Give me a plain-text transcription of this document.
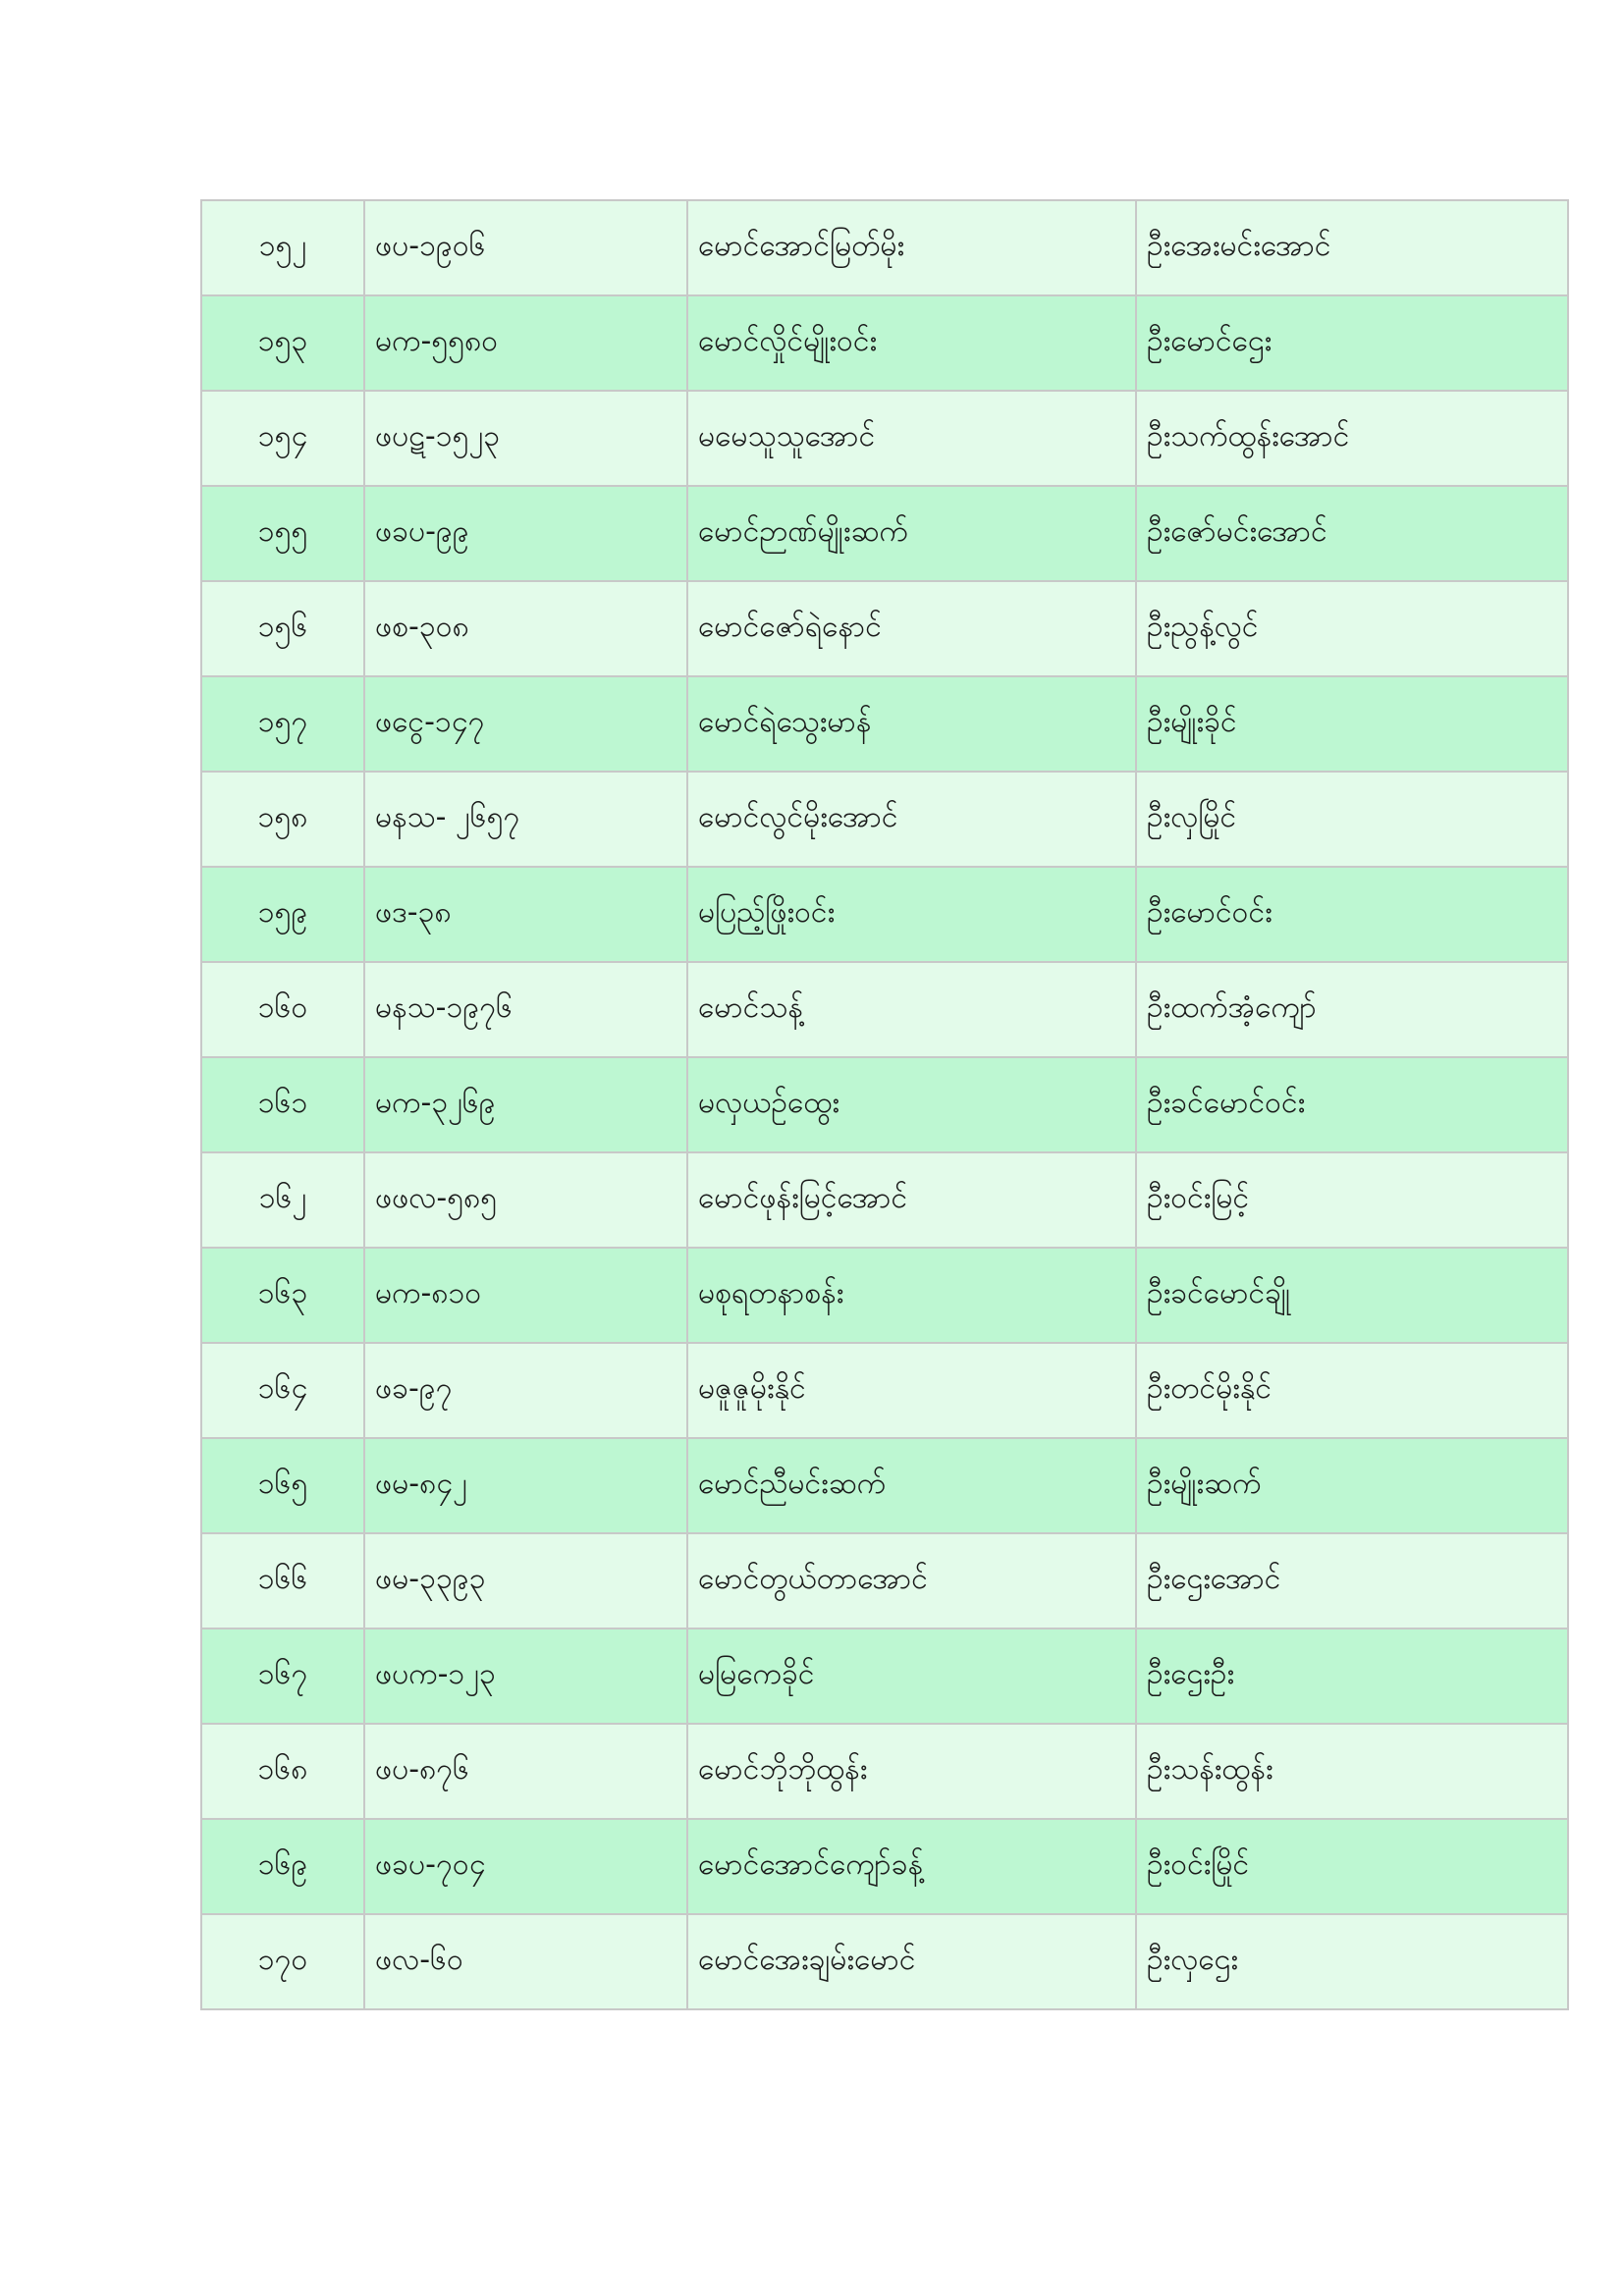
၁၅၂	ဖပ-၁၉၀၆	မောင်အောင်မြတ်မိုး	ဦးအေးမင်းအောင်
၁၅၃	မက-၅၅၈၀	မောင်လှိုင်မျိုးဝင်း	ဦးမောင်ဌေး
၁၅၄	ဖပဋ-၁၅၂၃	မမေသူသူအောင်	ဦးသက်ထွန်းအောင်
၁၅၅	ဖခပ-၉၉	မောင်ဉာဏ်မျိုးဆက်	ဦးဇော်မင်းအောင်
၁၅၆	ဖစ-၃၀၈	မောင်ဇော်ရဲနောင်	ဦးညွန့်လွင်
၁၅၇	ဖငွေ-၁၄၇	မောင်ရဲသွေးမာန်	ဦးမျိုးခိုင်
၁၅၈	မနသ- ၂၆၅၇	မောင်လွင်မိုးအောင်	ဦးလှမြိုင်
၁၅၉	ဖဒ-၃၈	မပြည့်ဖြိုးဝင်း	ဦးမောင်ဝင်း
၁၆၀	မနသ-၁၉၇၆	မောင်သန့်	ဦးထက်အံ့ကျော်
၁၆၁	မက-၃၂၆၉	မလှယဉ်ထွေး	ဦးခင်မောင်ဝင်း
၁၆၂	ဖဖလ-၅၈၅	မောင်ဖုန်းမြင့်အောင်	ဦးဝင်းမြင့်
၁၆၃	မက-၈၁၀	မစုရတနာစန်း	ဦးခင်မောင်ချို
၁၆၄	ဖခ-၉၇	မဇူဇူမိုးနိုင်	ဦးတင်မိုးနိုင်
၁၆၅	ဖမ-၈၄၂	မောင်ညီမင်းဆက်	ဦးမျိုးဆက်
၁၆၆	ဖမ-၃၃၉၃	မောင်တွယ်တာအောင်	ဦးဌေးအောင်
၁၆၇	ဖပက-၁၂၃	မမြကေခိုင်	ဦးဌေးဦး
၁၆၈	ဖပ-၈၇၆	မောင်ဘိုဘိုထွန်း	ဦးသန်းထွန်း
၁၆၉	ဖခပ-၇၀၄	မောင်အောင်ကျော်ခန့်	ဦးဝင်းမြိုင်
၁၇၀	ဖလ-၆၀	မောင်အေးချမ်းမောင်	ဦးလှဌေး
